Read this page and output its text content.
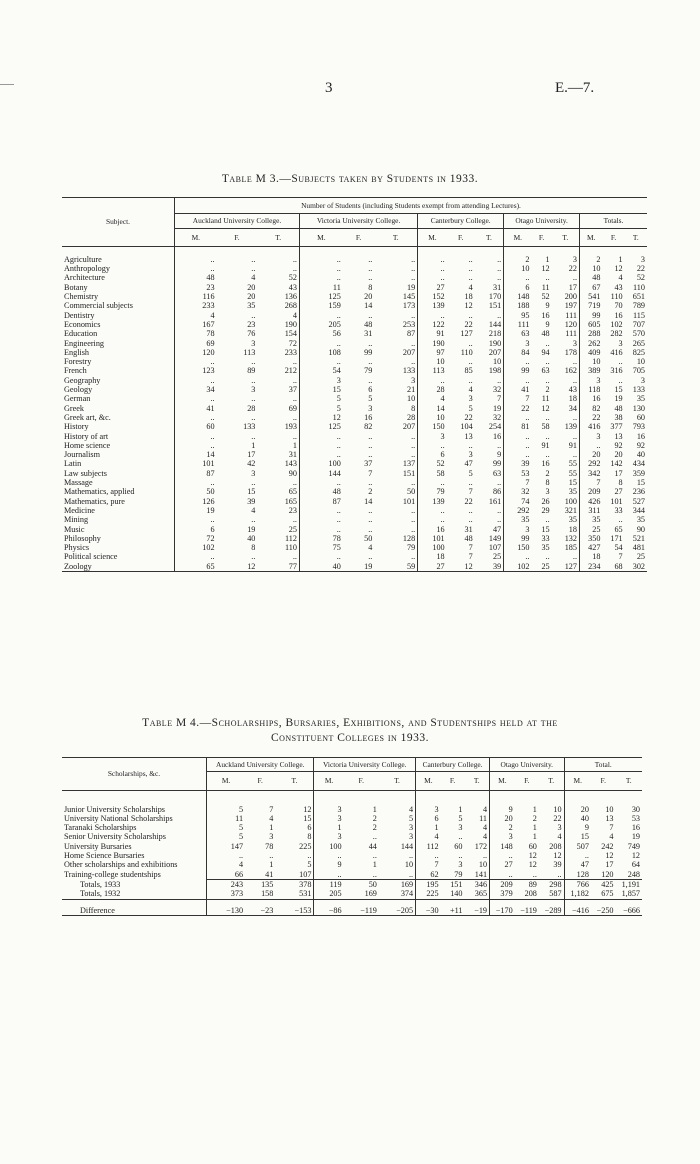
3	E.—7.
Table M 3.—Subjects taken by Students in 1933.
Subject.	Number of Students (including Students exempt from attending Lectures).														
	Auckland University College.			Victoria University College.			Canterbury College.			Otago University.			Totals.		
	M.	F.	T.	M.	F.	T.	M.	F.	T.	M.	F.	T.	M.	F.	T.

Agriculture	..	..	..	..	..	..	..	..	..	2	1	3	2	1	3
Anthropology	..	..	..	..	..	..	..	..	..	10	12	22	10	12	22
Architecture	48	4	52	..	..	..	..	..	..	..	..	..	48	4	52
Botany	23	20	43	11	8	19	27	4	31	6	11	17	67	43	110
Chemistry	116	20	136	125	20	145	152	18	170	148	52	200	541	110	651
Commercial subjects	233	35	268	159	14	173	139	12	151	188	9	197	719	70	789
Dentistry	4	..	4	..	..	..	..	..	..	95	16	111	99	16	115
Economics	167	23	190	205	48	253	122	22	144	111	9	120	605	102	707
Education	78	76	154	56	31	87	91	127	218	63	48	111	288	282	570
Engineering	69	3	72	..	..	..	190	..	190	3	..	3	262	3	265
English	120	113	233	108	99	207	97	110	207	84	94	178	409	416	825
Forestry	..	..	..	..	..	..	10	..	10	..	..	..	10	..	10
French	123	89	212	54	79	133	113	85	198	99	63	162	389	316	705
Geography	..	..	..	3	..	3	..	..	..	..	..	..	3	..	3
Geology	34	3	37	15	6	21	28	4	32	41	2	43	118	15	133
German	..	..	..	5	5	10	4	3	7	7	11	18	16	19	35
Greek	41	28	69	5	3	8	14	5	19	22	12	34	82	48	130
Greek art, &c.	..	..	..	12	16	28	10	22	32	..	..	..	22	38	60
History	60	133	193	125	82	207	150	104	254	81	58	139	416	377	793
History of art	..	..	..	..	..	..	3	13	16	..	..	..	3	13	16
Home science	..	1	1	..	..	..	..	..	..	..	91	91	..	92	92
Journalism	14	17	31	..	..	..	6	3	9	..	..	..	20	20	40
Latin	101	42	143	100	37	137	52	47	99	39	16	55	292	142	434
Law subjects	87	3	90	144	7	151	58	5	63	53	2	55	342	17	359
Massage	..	..	..	..	..	..	..	..	..	7	8	15	7	8	15
Mathematics, applied	50	15	65	48	2	50	79	7	86	32	3	35	209	27	236
Mathematics, pure	126	39	165	87	14	101	139	22	161	74	26	100	426	101	527
Medicine	19	4	23	..	..	..	..	..	..	292	29	321	311	33	344
Mining	..	..	..	..	..	..	..	..	..	35	..	35	35	..	35
Music	6	19	25	..	..	..	16	31	47	3	15	18	25	65	90
Philosophy	72	40	112	78	50	128	101	48	149	99	33	132	350	171	521
Physics	102	8	110	75	4	79	100	7	107	150	35	185	427	54	481
Political science	..	..	..	..	..	..	18	7	25	..	..	..	18	7	25
Zoology	65	12	77	40	19	59	27	12	39	102	25	127	234	68	302
Table M 4.—Scholarships, Bursaries, Exhibitions, and Studentships held at the
Constituent Colleges in 1933.
Scholarships, &c.	Auckland University College.			Victoria University College.			Canterbury College.			Otago University.			Total.		
	M.	F.	T.	M.	F.	T.	M.	F.	T.	M.	F.	T.	M.	F.	T.

Junior University Scholarships	5	7	12	3	1	4	3	1	4	9	1	10	20	10	30
University National Scholarships	11	4	15	3	2	5	6	5	11	20	2	22	40	13	53
Taranaki Scholarships	5	1	6	1	2	3	1	3	4	2	1	3	9	7	16
Senior University Scholarships	5	3	8	3	..	3	4	..	4	3	1	4	15	4	19
University Bursaries	147	78	225	100	44	144	112	60	172	148	60	208	507	242	749
Home Science Bursaries	..	..	..	..	..	..	..	..	..	..	12	12	..	12	12
Other scholarships and exhibitions	4	1	5	9	1	10	7	3	10	27	12	39	47	17	64
Training-college studentships	66	41	107	..	..	..	62	79	141	..	..	..	128	120	248
Totals, 1933	243	135	378	119	50	169	195	151	346	209	89	298	766	425	1,191
Totals, 1932	373	158	531	205	169	374	225	140	365	379	208	587	1,182	675	1,857
Difference	−130	−23	−153	−86	−119	−205	−30	+11	−19	−170	−119	−289	−416	−250	−666
